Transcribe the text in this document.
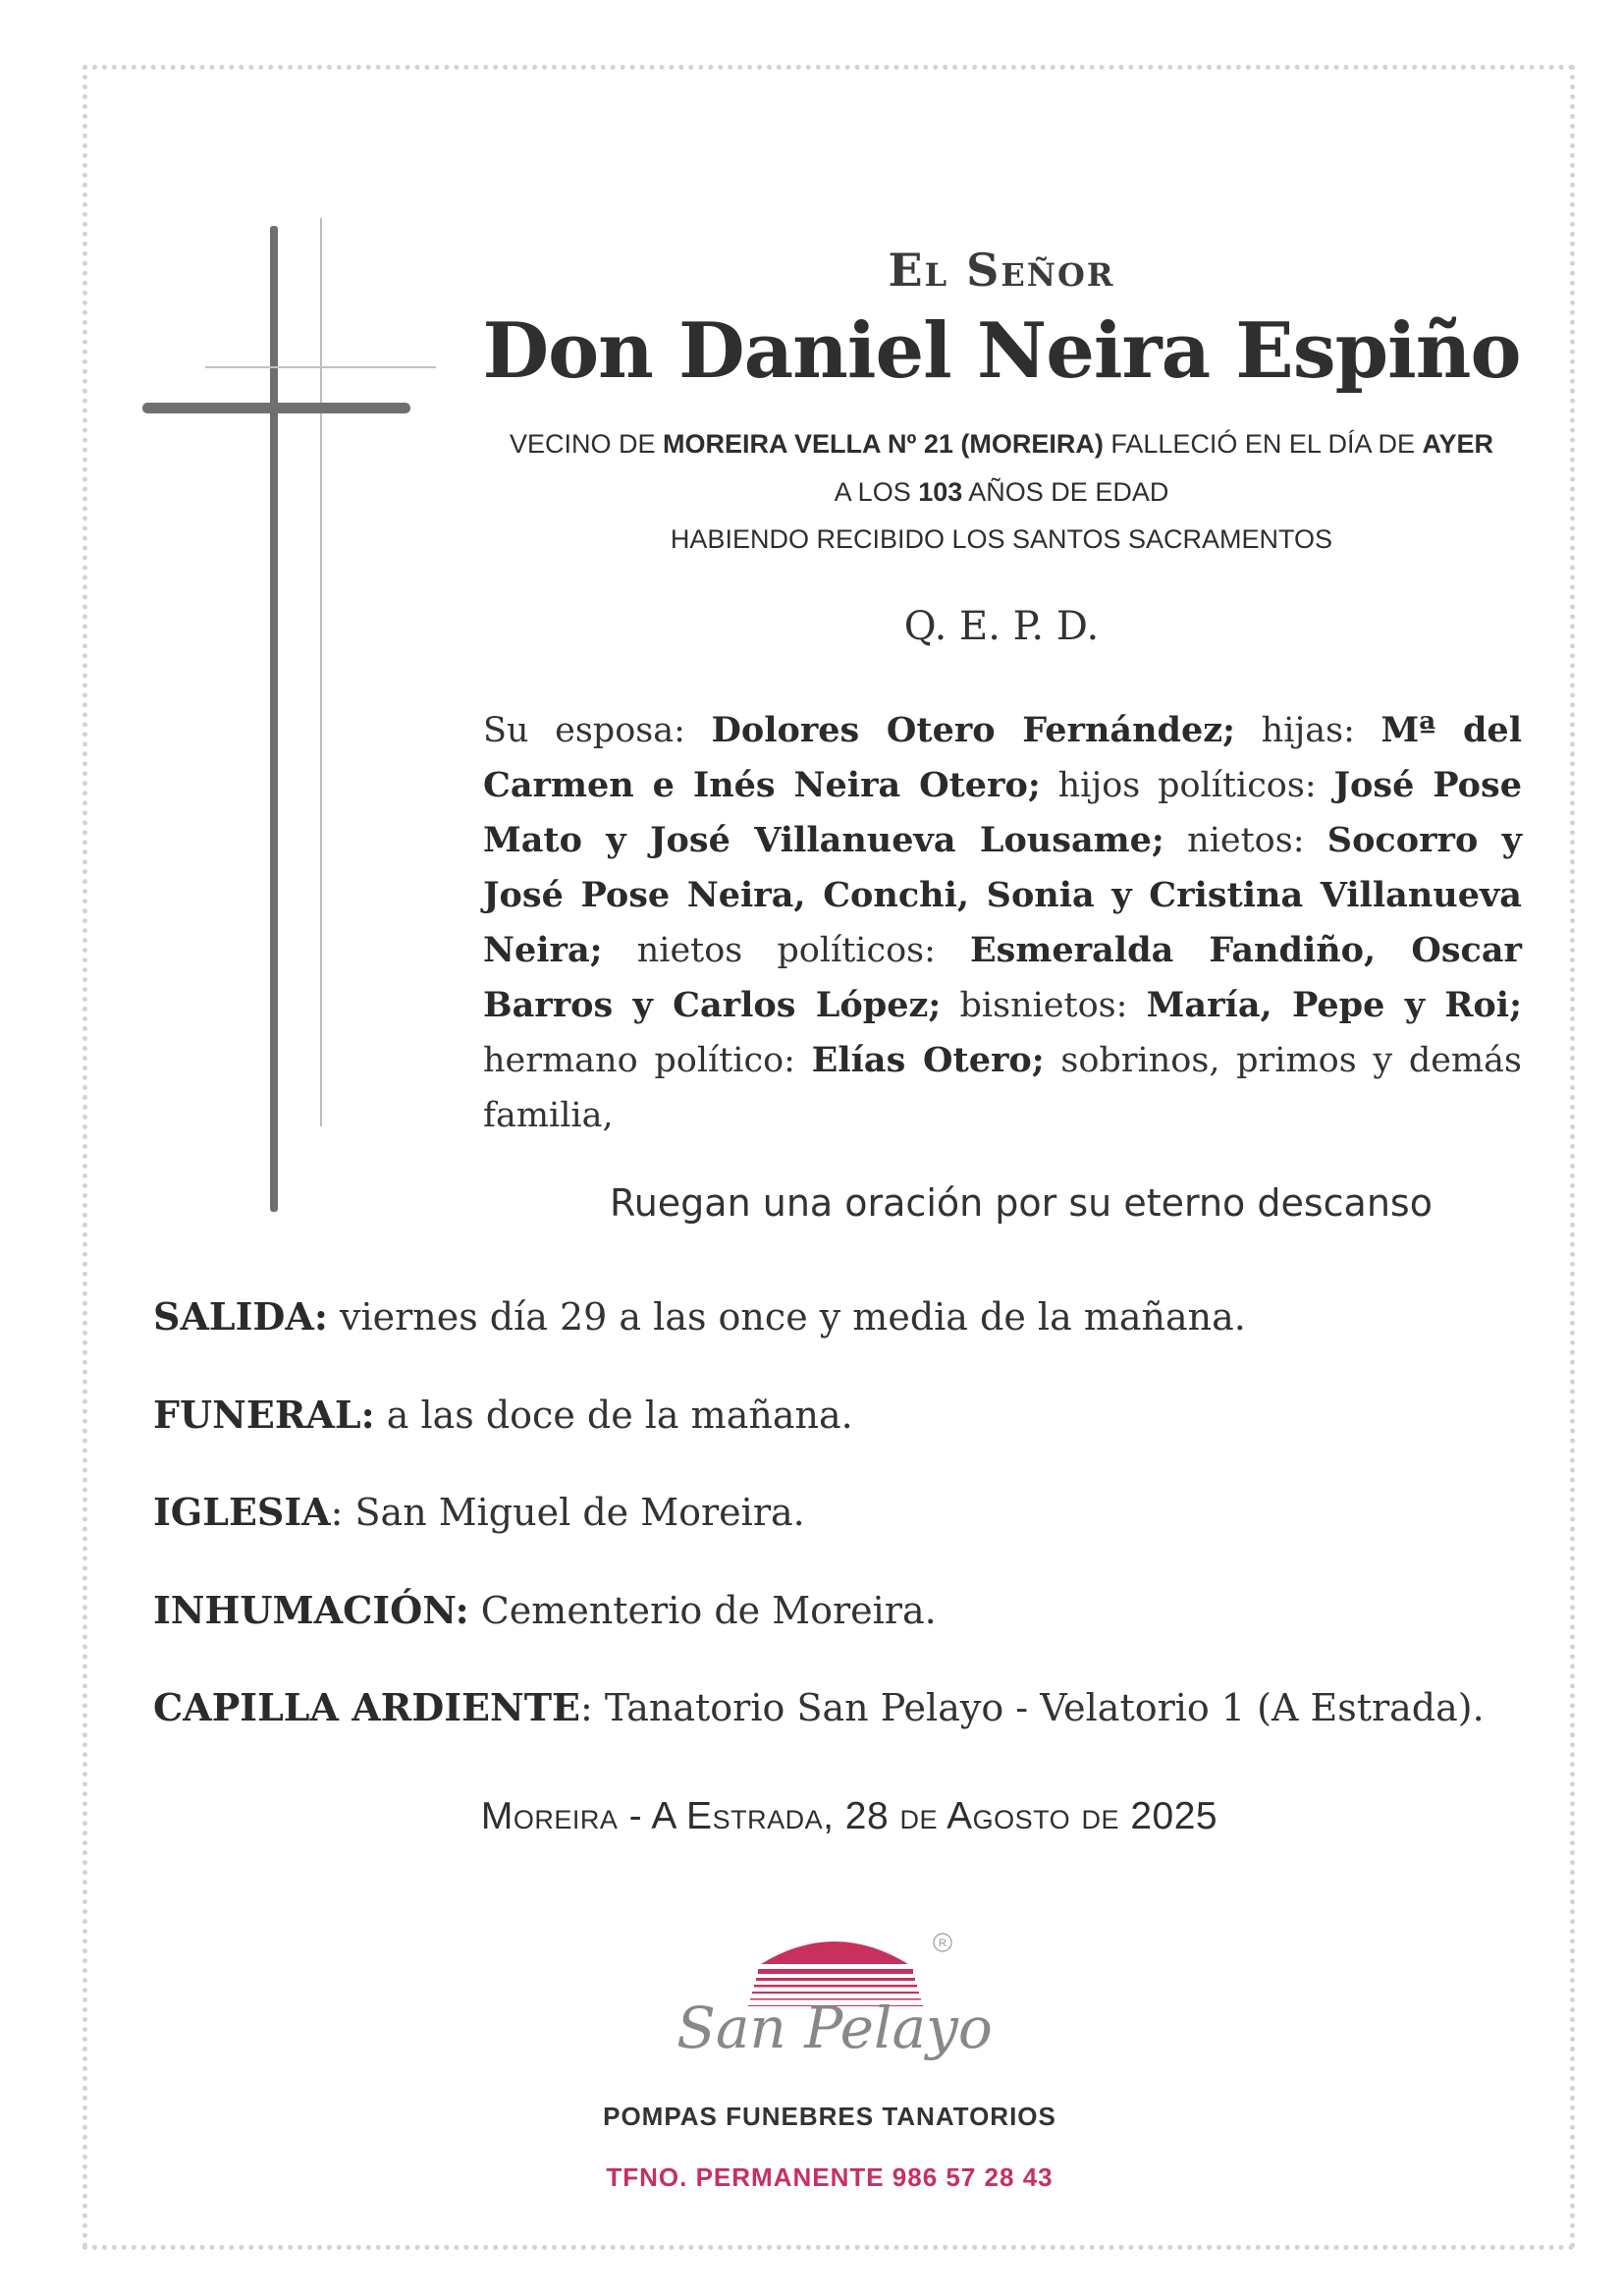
El Señor
Don Daniel Neira Espiño
VECINO DE MOREIRA VELLA Nº 21 (MOREIRA) FALLECIÓ EN EL DÍA DE AYER
A LOS 103 AÑOS DE EDAD
HABIENDO RECIBIDO LOS SANTOS SACRAMENTOS
Q. E. P. D.
Su esposa: Dolores Otero Fernández; hijas: Mª del Carmen e Inés Neira Otero; hijos políticos: José Pose Mato y José Villanueva Lousame; nietos: Socorro y José Pose Neira, Conchi, Sonia y Cristina Villanueva Neira; nietos políticos: Esmeralda Fandiño, Oscar Barros y Carlos López; bisnietos: María, Pepe y Roi; hermano político: Elías Otero; sobrinos, primos y demás familia,
Ruegan una oración por su eterno descanso
SALIDA: viernes día 29 a las once y media de la mañana.
FUNERAL: a las doce de la mañana.
IGLESIA: San Miguel de Moreira.
INHUMACIÓN: Cementerio de Moreira.
CAPILLA ARDIENTE: Tanatorio San Pelayo - Velatorio 1 (A Estrada).
Moreira - A Estrada, 28 de Agosto de 2025
R
San Pelayo
POMPAS FUNEBRES TANATORIOS
TFNO. PERMANENTE 986 57 28 43
